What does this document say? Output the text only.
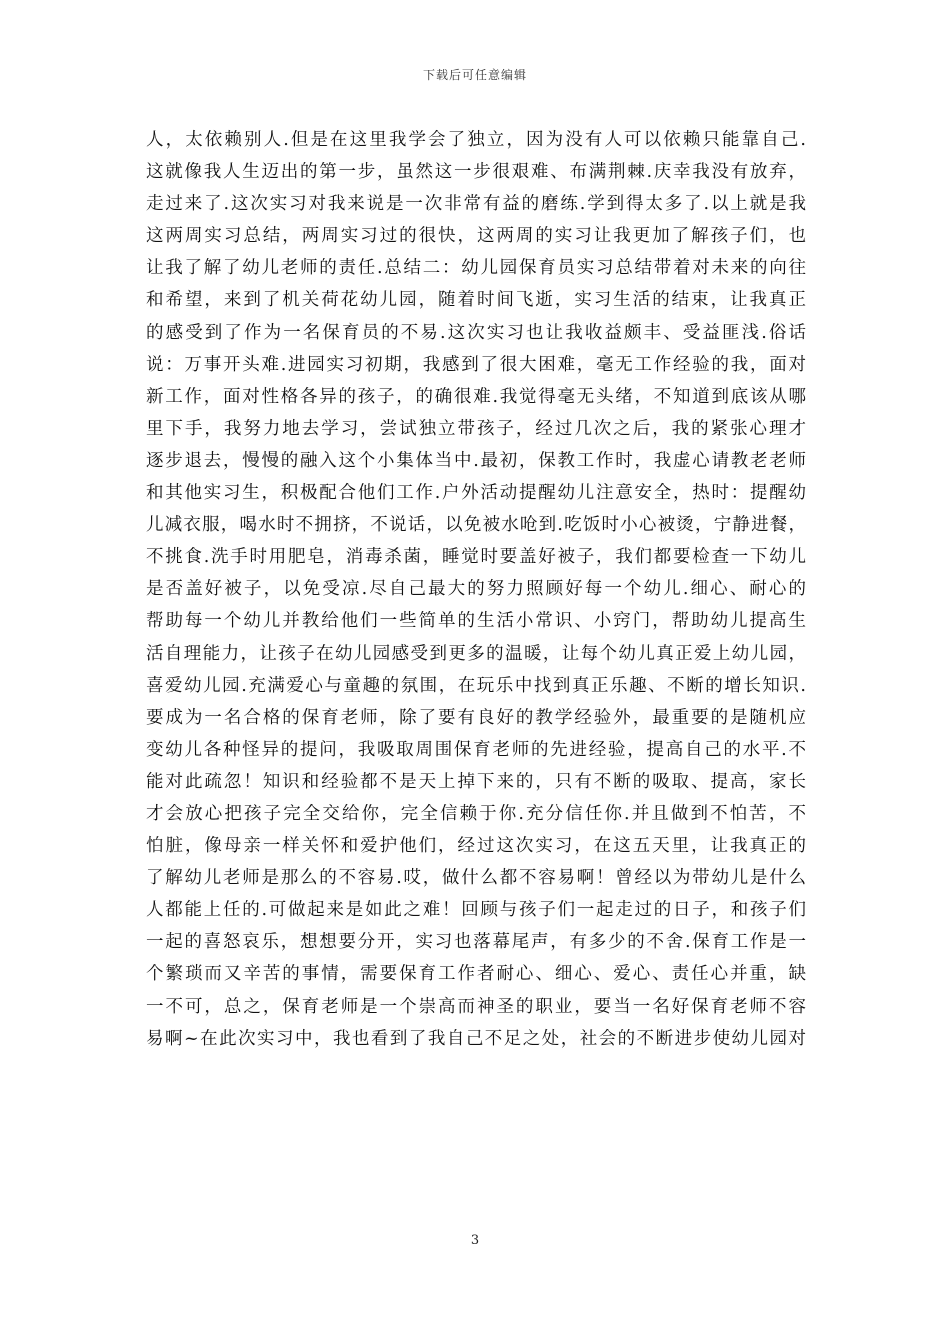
下载后可任意编辑
人，太依赖别人.但是在这里我学会了独立，因为没有人可以依赖只能靠自己.
这就像我人生迈出的第一步，虽然这一步很艰难、布满荆棘.庆幸我没有放弃，
走过来了.这次实习对我来说是一次非常有益的磨练.学到得太多了.以上就是我
这两周实习总结，两周实习过的很快，这两周的实习让我更加了解孩子们，也
让我了解了幼儿老师的责任.总结二：幼儿园保育员实习总结带着对未来的向往
和希望，来到了机关荷花幼儿园，随着时间飞逝，实习生活的结束，让我真正
的感受到了作为一名保育员的不易.这次实习也让我收益颇丰、受益匪浅.俗话
说：万事开头难.进园实习初期，我感到了很大困难，毫无工作经验的我，面对
新工作，面对性格各异的孩子，的确很难.我觉得毫无头绪，不知道到底该从哪
里下手，我努力地去学习，尝试独立带孩子，经过几次之后，我的紧张心理才
逐步退去，慢慢的融入这个小集体当中.最初，保教工作时，我虚心请教老老师
和其他实习生，积极配合他们工作.户外活动提醒幼儿注意安全，热时：提醒幼
儿减衣服，喝水时不拥挤，不说话，以免被水呛到.吃饭时小心被烫，宁静进餐，
不挑食.洗手时用肥皂，消毒杀菌，睡觉时要盖好被子，我们都要检查一下幼儿
是否盖好被子，以免受凉.尽自己最大的努力照顾好每一个幼儿.细心、耐心的
帮助每一个幼儿并教给他们一些简单的生活小常识、小窍门，帮助幼儿提高生
活自理能力，让孩子在幼儿园感受到更多的温暖，让每个幼儿真正爱上幼儿园，
喜爱幼儿园.充满爱心与童趣的氛围，在玩乐中找到真正乐趣、不断的增长知识.
要成为一名合格的保育老师，除了要有良好的教学经验外，最重要的是随机应
变幼儿各种怪异的提问，我吸取周围保育老师的先进经验，提高自己的水平.不
能对此疏忽！知识和经验都不是天上掉下来的，只有不断的吸取、提高，家长
才会放心把孩子完全交给你，完全信赖于你.充分信任你.并且做到不怕苦，不
怕脏，像母亲一样关怀和爱护他们，经过这次实习，在这五天里，让我真正的
了解幼儿老师是那么的不容易.哎，做什么都不容易啊！曾经以为带幼儿是什么
人都能上任的.可做起来是如此之难！回顾与孩子们一起走过的日子，和孩子们
一起的喜怒哀乐，想想要分开，实习也落幕尾声，有多少的不舍.保育工作是一
个繁琐而又辛苦的事情，需要保育工作者耐心、细心、爱心、责任心并重，缺
一不可，总之，保育老师是一个崇高而神圣的职业，要当一名好保育老师不容
易啊~在此次实习中，我也看到了我自己不足之处，社会的不断进步使幼儿园对
3
